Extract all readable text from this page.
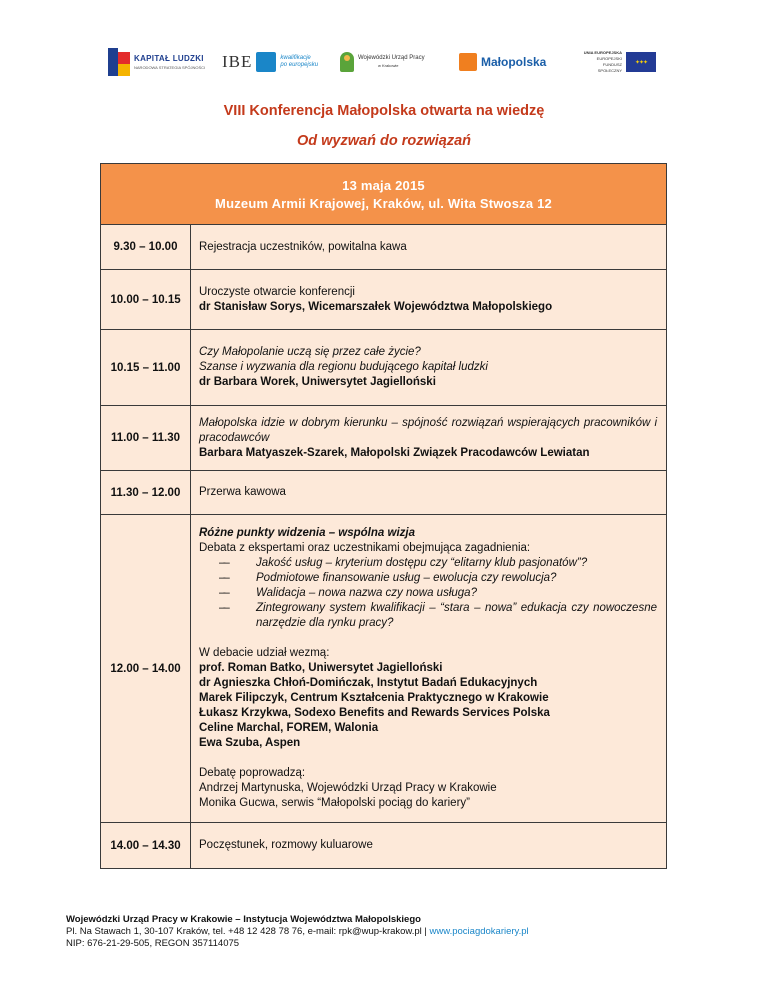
KAPITAŁ LUDZKI
NARODOWA STRATEGIA SPÓJNOŚCI IBE	kwalifikacje
po europejsku
Wojewódzki Urząd Pracy
w Krakowie	Małopolska
UNIA EUROPEJSKA
EUROPEJSKI
FUNDUSZ SPOŁECZNY
✦✦✦
VIII Konferencja Małopolska otwarta na wiedzę
Od wyzwań do rozwiązań
13 maja 2015
Muzeum Armii Krajowej, Kraków, ul. Wita Stwosza 12
9.30 – 10.00	Rejestracja uczestników, powitalna kawa
10.00 – 10.15
Uroczyste otwarcie konferencji
dr Stanisław Sorys, Wicemarszałek Województwa Małopolskiego
10.15 – 11.00
Czy Małopolanie uczą się przez całe życie?
Szanse i wyzwania dla regionu budującego kapitał ludzki
dr Barbara Worek, Uniwersytet Jagielloński
11.00 – 11.30
Małopolska idzie w dobrym kierunku – spójność rozwiązań wspierających pracowników i pracodawców
Barbara Matyaszek-Szarek, Małopolski Związek Pracodawców Lewiatan
11.30 – 12.00	Przerwa kawowa
12.00 – 14.00
Różne punkty widzenia – wspólna wizja
Debata z ekspertami oraz uczestnikami obejmująca zagadnienia:
–– Jakość usług – kryterium dostępu czy “elitarny klub pasjonatów”?
–– Podmiotowe finansowanie usług – ewolucja czy rewolucja?
–– Walidacja – nowa nazwa czy nowa usługa?
–– Zintegrowany system kwalifikacji – “stara – nowa” edukacja czy nowoczesne narzędzie dla rynku pracy?
W debacie udział wezmą:
prof. Roman Batko, Uniwersytet Jagielloński
dr Agnieszka Chłoń-Domińczak, Instytut Badań Edukacyjnych
Marek Filipczyk, Centrum Kształcenia Praktycznego w Krakowie
Łukasz Krzykwa, Sodexo Benefits and Rewards Services Polska
Celine Marchal, FOREM, Walonia
Ewa Szuba, Aspen
Debatę poprowadzą:
Andrzej Martynuska, Wojewódzki Urząd Pracy w Krakowie
Monika Gucwa, serwis “Małopolski pociąg do kariery”
14.00 – 14.30	Poczęstunek, rozmowy kuluarowe
Wojewódzki Urząd Pracy w Krakowie – Instytucja Województwa Małopolskiego
Pl. Na Stawach 1, 30-107 Kraków, tel. +48 12 428 78 76, e-mail: rpk@wup-krakow.pl | www.pociagdokariery.pl
NIP: 676-21-29-505, REGON 357114075
